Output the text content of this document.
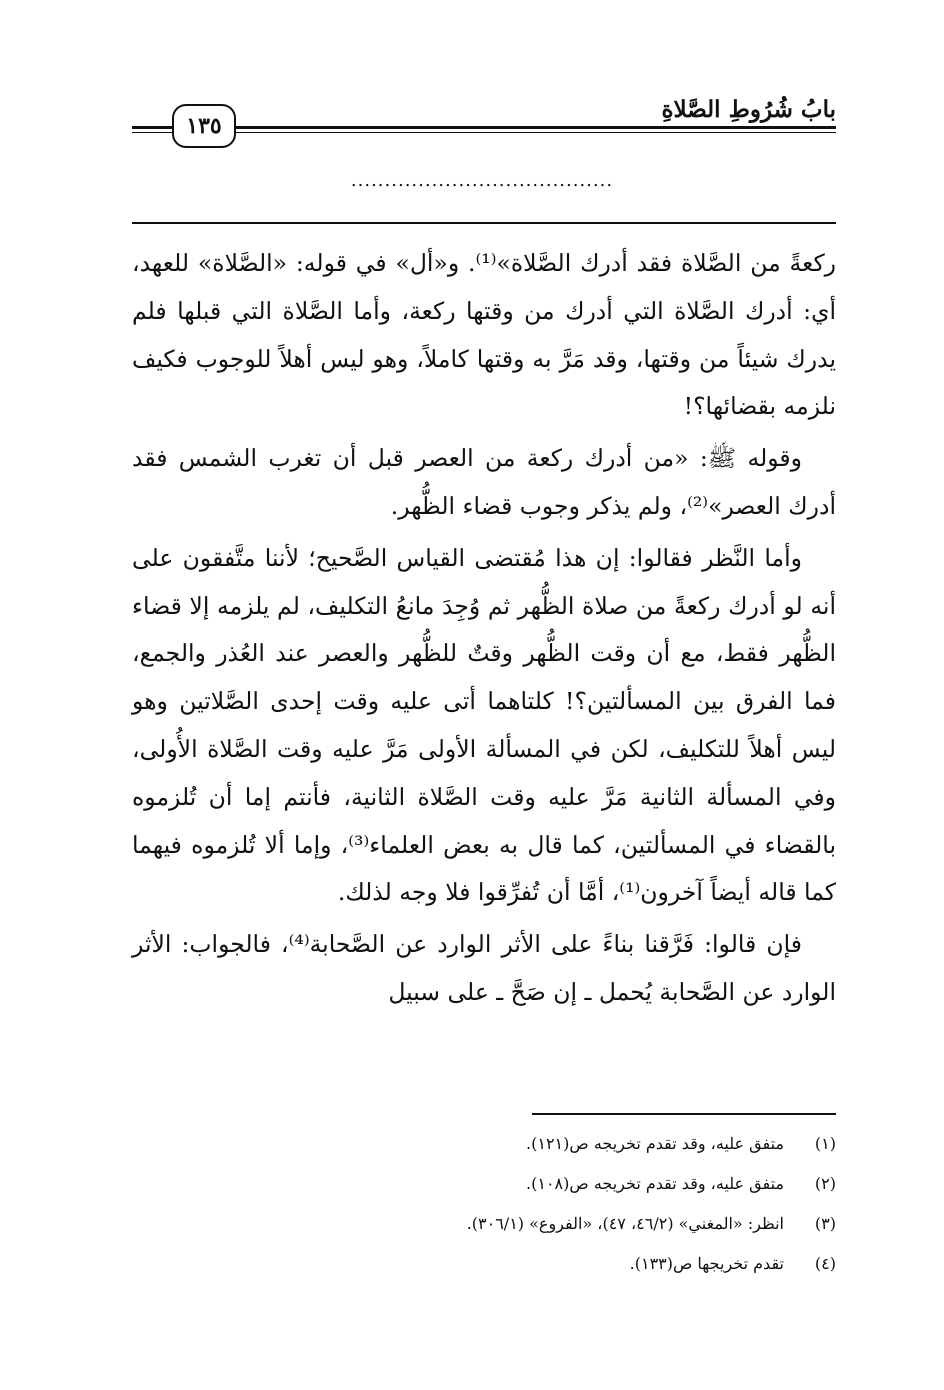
بابُ شُرُوطِ الصَّلاةِ
١٣٥
.......................................

ركعةً من الصَّلاة فقد أدرك الصَّلاة»⁽¹⁾. و«أل» في قوله: «الصَّلاة» للعهد، أي: أدرك الصَّلاة التي أدرك من وقتها ركعة، وأما الصَّلاة التي قبلها فلم يدرك شيئاً من وقتها، وقد مَرَّ به وقتها كاملاً، وهو ليس أهلاً للوجوب فكيف نلزمه بقضائها؟!

وقوله ﷺ: «من أدرك ركعة من العصر قبل أن تغرب الشمس فقد أدرك العصر»⁽²⁾، ولم يذكر وجوب قضاء الظُّهر.

وأما النَّظر فقالوا: إن هذا مُقتضى القياس الصَّحيح؛ لأننا متَّفقون على أنه لو أدرك ركعةً من صلاة الظُّهر ثم وُجِدَ مانعُ التكليف، لم يلزمه إلا قضاء الظُّهر فقط، مع أن وقت الظُّهر وقتٌ للظُّهر والعصر عند العُذر والجمع، فما الفرق بين المسألتين؟! كلتاهما أتى عليه وقت إحدى الصَّلاتين وهو ليس أهلاً للتكليف، لكن في المسألة الأولى مَرَّ عليه وقت الصَّلاة الأُولى، وفي المسألة الثانية مَرَّ عليه وقت الصَّلاة الثانية، فأنتم إما أن تُلزموه بالقضاء في المسألتين، كما قال به بعض العلماء⁽³⁾، وإما ألا تُلزموه فيهما كما قاله أيضاً آخرون⁽¹⁾، أمَّا أن تُفرِّقوا فلا وجه لذلك.

فإن قالوا: فَرَّقنا بناءً على الأثر الوارد عن الصَّحابة⁽⁴⁾، فالجواب: الأثر الوارد عن الصَّحابة يُحمل ـ إن صَحَّ ـ على سبيل

(١)
متفق عليه، وقد تقدم تخريجه ص(١٢١).
(٢)
متفق عليه، وقد تقدم تخريجه ص(١٠٨).
(٣)
انظر: «المغني» (٤٦/٢، ٤٧)، «الفروع» (٣٠٦/١).
(٤)
تقدم تخريجها ص(١٣٣).
